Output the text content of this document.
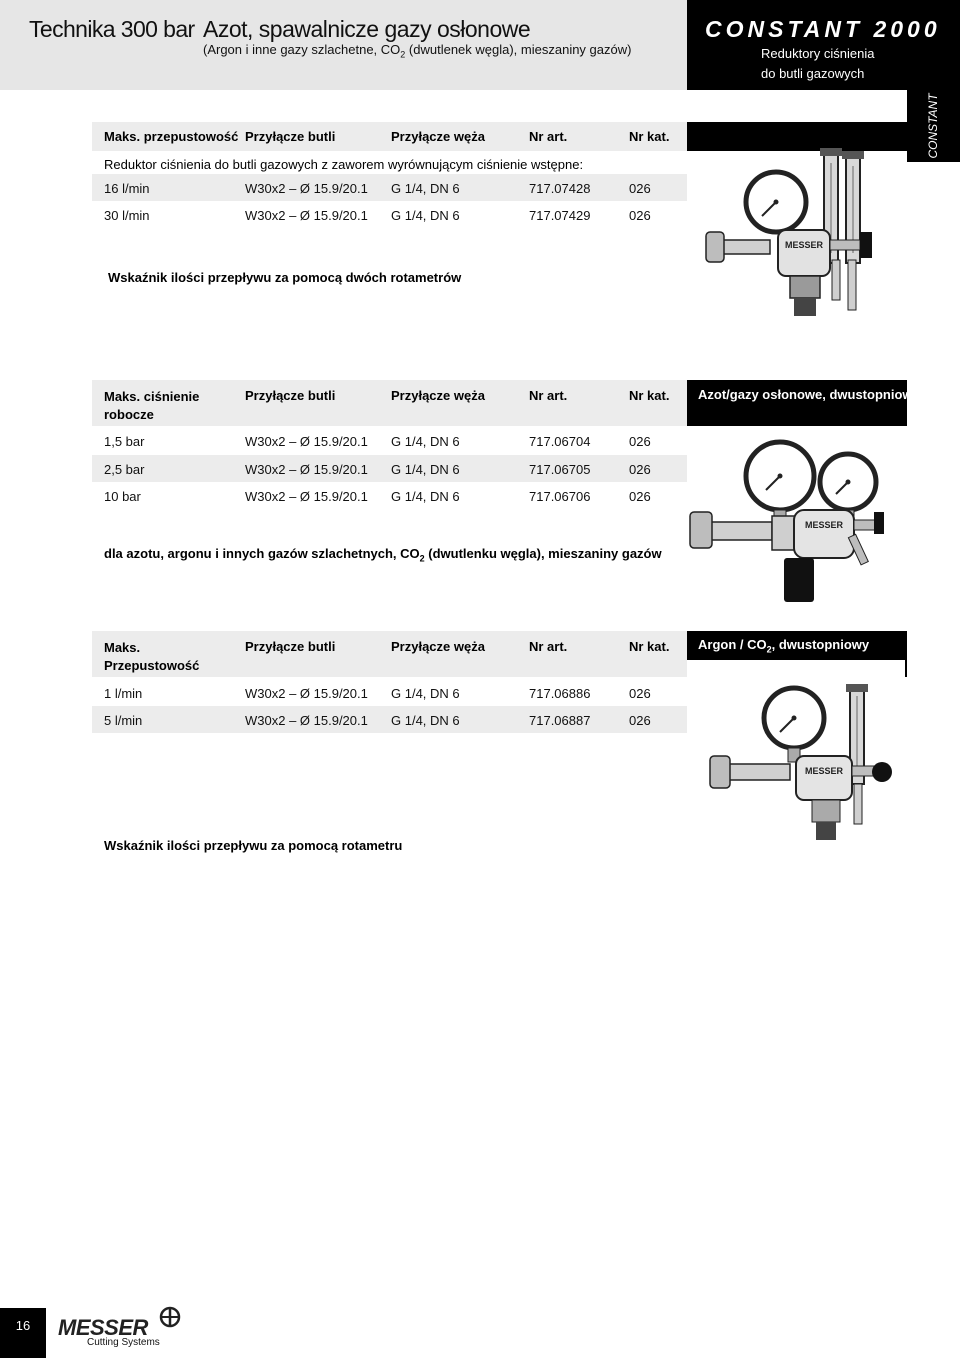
Technika 300 bar Azot, spawalnicze gazy osłonowe
(Argon i inne gazy szlachetne, $CO_2$ (dwutlenek węgla), mieszaniny gazów)
CONSTANT 2000
Reduktory ciśnienia
do butli gazowych
CONSTANT
Maks. przepustowość Przyłącze butli	Przyłącze węża	Nr art.	Nr kat.
Reduktor ciśnienia do butli gazowych z zaworem wyrównującym ciśnienie wstępne:
16 l/min	W30x2 – Ø 15.9/20.1 G 1/4, DN 6	717.07428	026
30 l/min	W30x2 – Ø 15.9/20.1 G 1/4, DN 6	717.07429	026
Wskaźnik ilości przepływu za pomocą dwóch rotametrów
MESSER
Maks. ciśnienie
robocze
Przyłącze butli	Przyłącze węża	Nr art.	Nr kat. Azot/gazy osłonowe, dwustopniowy
1,5 bar	W30x2 – Ø 15.9/20.1 G 1/4, DN 6	717.06704	026
2,5 bar	W30x2 – Ø 15.9/20.1 G 1/4, DN 6	717.06705	026
10 bar	W30x2 – Ø 15.9/20.1 G 1/4, DN 6	717.06706	026
dla azotu, argonu i innych gazów szlachetnych, $CO_2$ (dwutlenku węgla), mieszaniny gazów
MESSER
Maks.
Przepustowość
Przyłącze butli	Przyłącze węża	Nr art.	Nr kat. Argon / $CO_2$, dwustopniowy
1 l/min	W30x2 – Ø 15.9/20.1 G 1/4, DN 6	717.06886	026
5 l/min	W30x2 – Ø 15.9/20.1 G 1/4, DN 6	717.06887	026
Wskaźnik ilości przepływu za pomocą rotametru
MESSER
16	MESSER
Cutting Systems
